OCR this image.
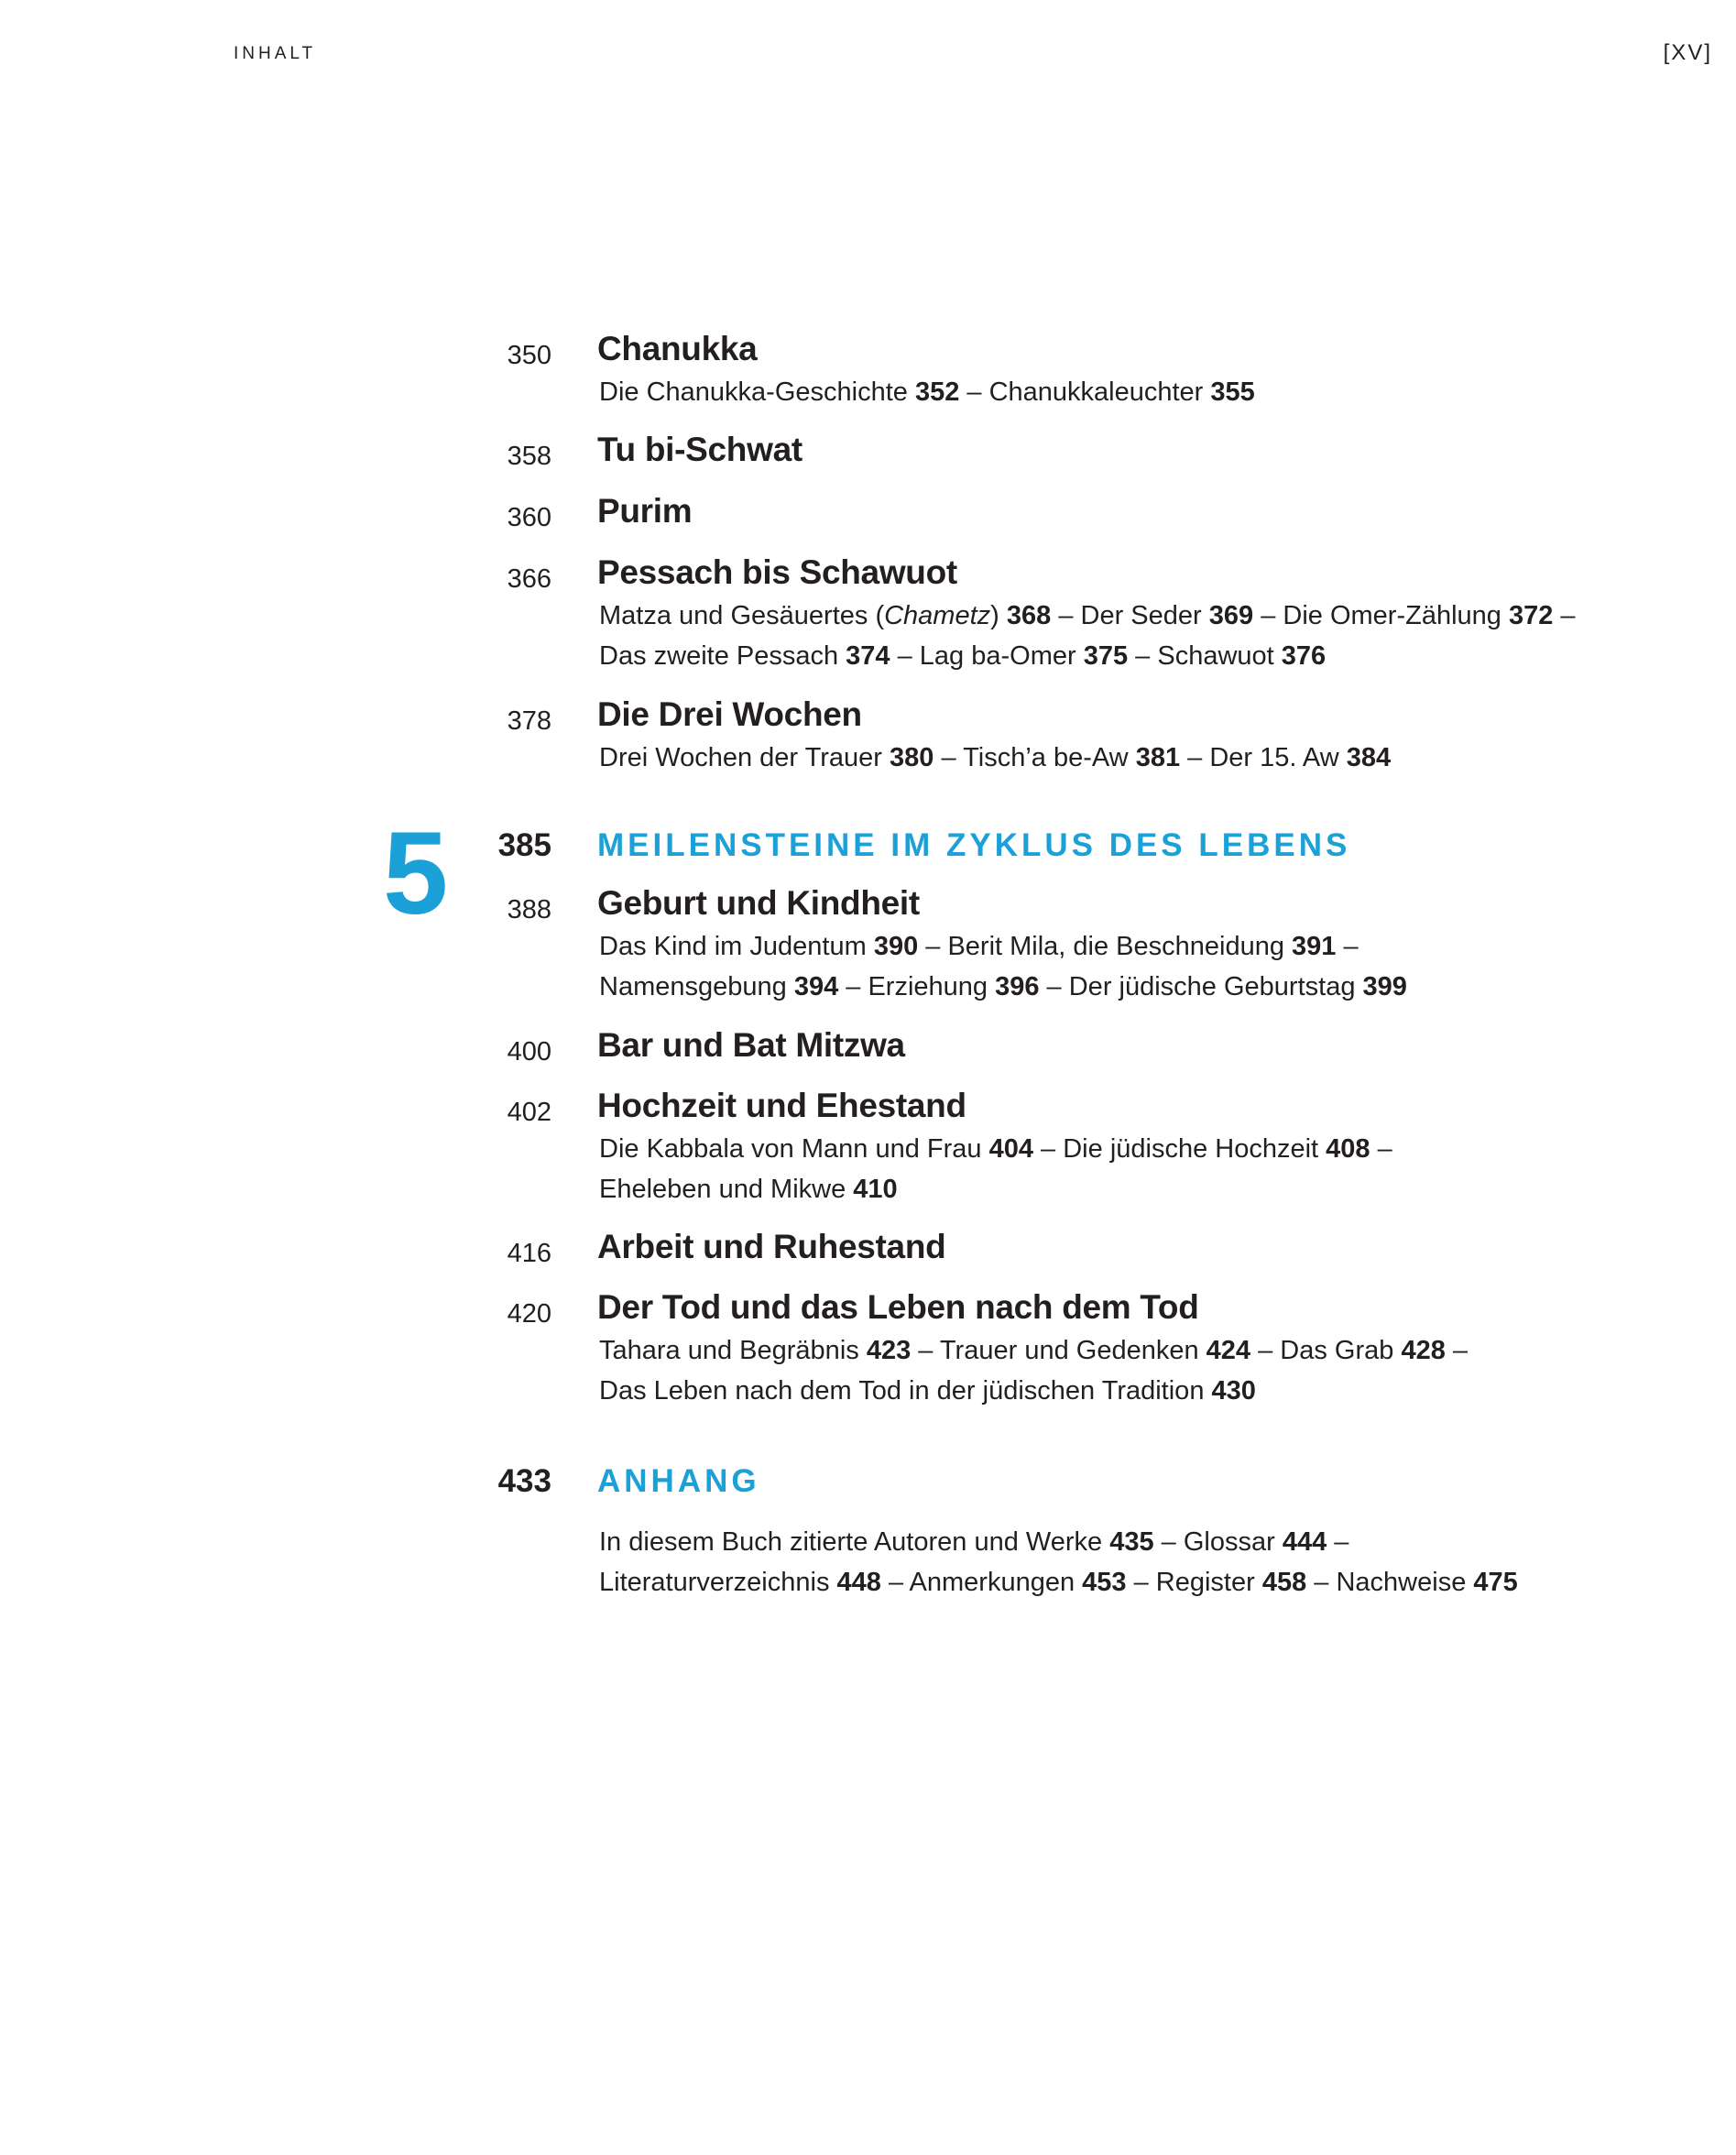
INHALT	[XV]
5
350 Chanukka
Die Chanukka-Geschichte 352 – Chanukkaleuchter 355
358 Tu bi-Schwat
360 Purim
366 Pessach bis Schawuot
Matza und Gesäuertes (Chametz) 368 – Der Seder 369 – Die Omer-Zählung 372 –
Das zweite Pessach 374 – Lag ba-Omer 375 – Schawuot 376
378 Die Drei Wochen
Drei Wochen der Trauer 380 – Tisch’a be-Aw 381 – Der 15. Aw 384
385 MEILENSTEINE IM ZYKLUS DES LEBENS
388 Geburt und Kindheit
Das Kind im Judentum 390 – Berit Mila, die Beschneidung 391 –
Namensgebung 394 – Erziehung 396 – Der jüdische Geburtstag 399
400 Bar und Bat Mitzwa
402 Hochzeit und Ehestand
Die Kabbala von Mann und Frau 404 – Die jüdische Hochzeit 408 –
Eheleben und Mikwe 410
416 Arbeit und Ruhestand
420 Der Tod und das Leben nach dem Tod
Tahara und Begräbnis 423 – Trauer und Gedenken 424 – Das Grab 428 –
Das Leben nach dem Tod in der jüdischen Tradition 430
433 ANHANG
In diesem Buch zitierte Autoren und Werke 435 – Glossar 444 –
Literaturverzeichnis 448 – Anmerkungen 453 – Register 458 – Nachweise 475
